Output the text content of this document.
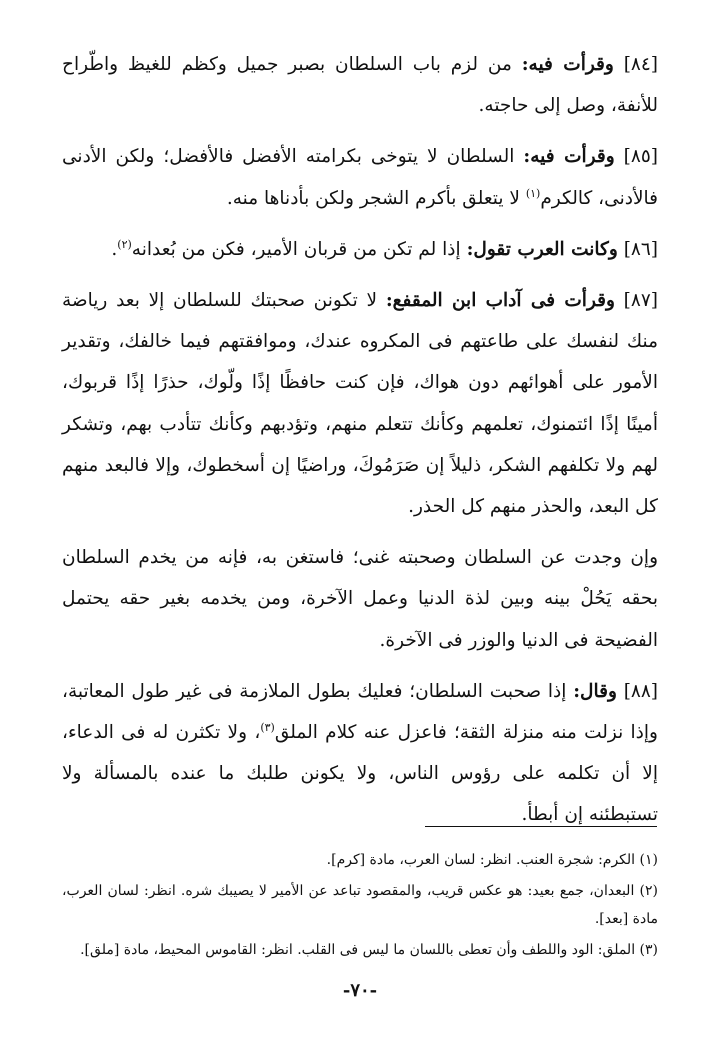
[٨٤] وقرأت فيه: من لزم باب السلطان بصبر جميل وكظم للغيظ واطّراح للأنفة، وصل إلى حاجته.

[٨٥] وقرأت فيه: السلطان لا يتوخى بكرامته الأفضل فالأفضل؛ ولكن الأدنى فالأدنى، كالكرم$^{(١)}$ لا يتعلق بأكرم الشجر ولكن بأدناها منه.

[٨٦] وكانت العرب تقول: إذا لم تكن من قربان الأمير، فكن من بُعدانه$^{(٢)}$.

[٨٧] وقرأت فى آداب ابن المقفع: لا تكونن صحبتك للسلطان إلا بعد رياضة منك لنفسك على طاعتهم فى المكروه عندك، وموافقتهم فيما خالفك، وتقدير الأمور على أهوائهم دون هواك، فإن كنت حافظًا إذًا ولّوك، حذرًا إذًا قربوك، أمينًا إذًا ائتمنوك، تعلمهم وكأنك تتعلم منهم، وتؤدبهم وكأنك تتأدب بهم، وتشكر لهم ولا تكلفهم الشكر، ذليلاً إن صَرَمُوكَ، وراضيًا إن أسخطوك، وإلا فالبعد منهم كل البعد، والحذر منهم كل الحذر.

وإن وجدت عن السلطان وصحبته غنى؛ فاستغن به، فإنه من يخدم السلطان بحقه يَحُلْ بينه وبين لذة الدنيا وعمل الآخرة، ومن يخدمه بغير حقه يحتمل الفضيحة فى الدنيا والوزر فى الآخرة.

[٨٨] وقال: إذا صحبت السلطان؛ فعليك بطول الملازمة فى غير طول المعاتبة، وإذا نزلت منه منزلة الثقة؛ فاعزل عنه كلام الملق$^{(٣)}$، ولا تكثرن له فى الدعاء، إلا أن تكلمه على رؤوس الناس، ولا يكونن طلبك ما عنده بالمسألة ولا تستبطئنه إن أبطأ.

(١) الكرم: شجرة العنب. انظر: لسان العرب، مادة [كرم].

(٢) البعدان، جمع بعيد: هو عكس قريب، والمقصود تباعد عن الأمير لا يصيبك شره. انظر: لسان العرب، مادة [بعد].

(٣) الملق: الود واللطف وأن تعطى باللسان ما ليس فى القلب. انظر: القاموس المحيط، مادة [ملق].

-٧٠-
